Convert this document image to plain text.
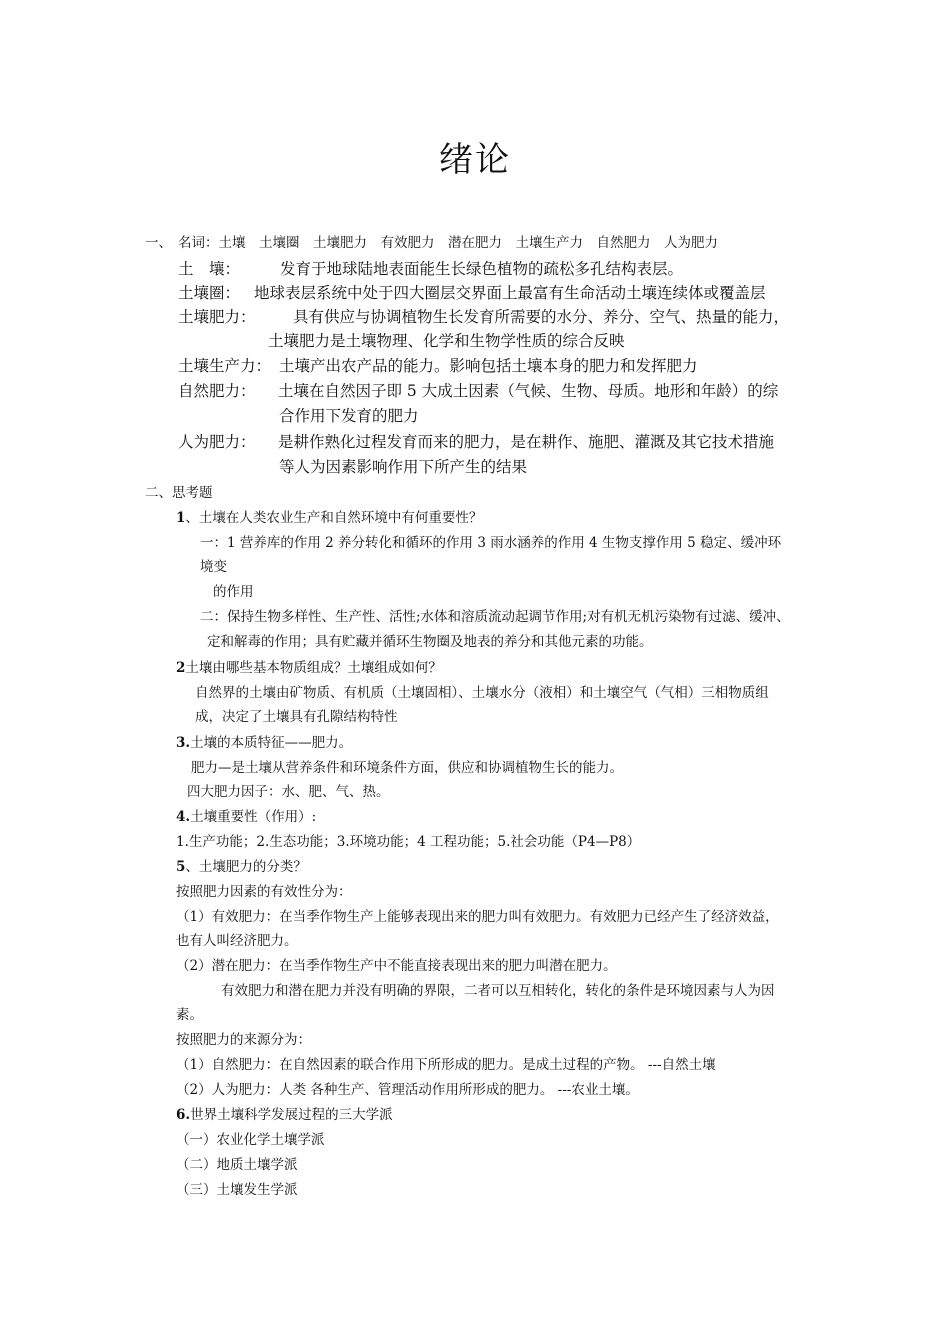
绪论
一、 名词：土壤　土壤圈　土壤肥力　有效肥力　潜在肥力　土壤生产力　自然肥力　人为肥力
土　壤：	发育于地球陆地表面能生长绿色植物的疏松多孔结构表层。
土壤圈： 地球表层系统中处于四大圈层交界面上最富有生命活动土壤连续体或覆盖层
土壤肥力： 具有供应与协调植物生长发育所需要的水分、养分、空气、热量的能力，
土壤肥力是土壤物理、化学和生物学性质的综合反映
土壤生产力： 土壤产出农产品的能力。影响包括土壤本身的肥力和发挥肥力
自然肥力： 土壤在自然因子即 5 大成土因素（气候、生物、母质。地形和年龄）的综
合作用下发育的肥力
人为肥力： 是耕作熟化过程发育而来的肥力，是在耕作、施肥、灌溉及其它技术措施
等人为因素影响作用下所产生的结果
二、思考题
1、土壤在人类农业生产和自然环境中有何重要性？
一：1 营养库的作用 2 养分转化和循环的作用 3 雨水涵养的作用 4 生物支撑作用 5 稳定、缓冲环
境变
的作用
二：保持生物多样性、生产性、活性;水体和溶质流动起调节作用;对有机无机污染物有过滤、缓冲、
定和解毒的作用；具有贮藏并循环生物圈及地表的养分和其他元素的功能。
2土壤由哪些基本物质组成？土壤组成如何？
自然界的土壤由矿物质、有机质（土壤固相）、土壤水分（液相）和土壤空气（气相）三相物质组
成，决定了土壤具有孔隙结构特性
3.土壤的本质特征——肥力。
肥力—是土壤从营养条件和环境条件方面，供应和协调植物生长的能力。
四大肥力因子：水、肥、气、热。
4.土壤重要性（作用）:
1.生产功能；2.生态功能；3.环境功能；4 工程功能；5.社会功能（P4—P8）
5、土壤肥力的分类？
按照肥力因素的有效性分为：
（1）有效肥力：在当季作物生产上能够表现出来的肥力叫有效肥力。有效肥力已经产生了经济效益，
也有人叫经济肥力。
（2）潜在肥力：在当季作物生产中不能直接表现出来的肥力叫潜在肥力。
有效肥力和潜在肥力并没有明确的界限，二者可以互相转化，转化的条件是环境因素与人为因
素。
按照肥力的来源分为：
（1）自然肥力：在自然因素的联合作用下所形成的肥力。是成土过程的产物。 ---自然土壤
（2）人为肥力：人类 各种生产、管理活动作用所形成的肥力。 ---农业土壤。
6.世界土壤科学发展过程的三大学派
（一）农业化学土壤学派
（二）地质土壤学派
（三）土壤发生学派
